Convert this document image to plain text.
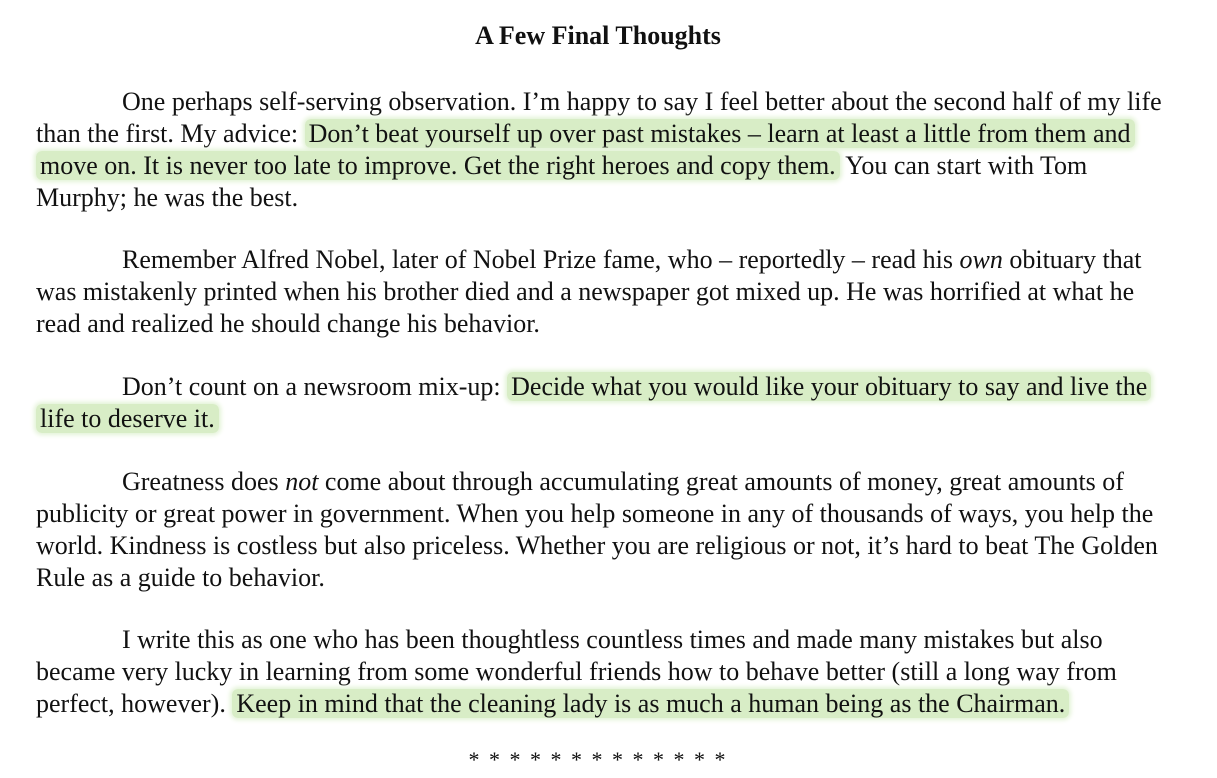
A Few Final Thoughts

One perhaps self-serving observation. I’m happy to say I feel better about the second half of my life than the first. My advice: Don’t beat yourself up over past mistakes – learn at least a little from them and move on. It is never too late to improve. Get the right heroes and copy them. You can start with Tom Murphy; he was the best.

Remember Alfred Nobel, later of Nobel Prize fame, who – reportedly – read his own obituary that was mistakenly printed when his brother died and a newspaper got mixed up. He was horrified at what he read and realized he should change his behavior.

Don’t count on a newsroom mix-up: Decide what you would like your obituary to say and live the life to deserve it.

Greatness does not come about through accumulating great amounts of money, great amounts of publicity or great power in government. When you help someone in any of thousands of ways, you help the world. Kindness is costless but also priceless. Whether you are religious or not, it’s hard to beat The Golden Rule as a guide to behavior.

I write this as one who has been thoughtless countless times and made many mistakes but also became very lucky in learning from some wonderful friends how to behave better (still a long way from perfect, however). Keep in mind that the cleaning lady is as much a human being as the Chairman.

* * * * * * * * * * * * *
